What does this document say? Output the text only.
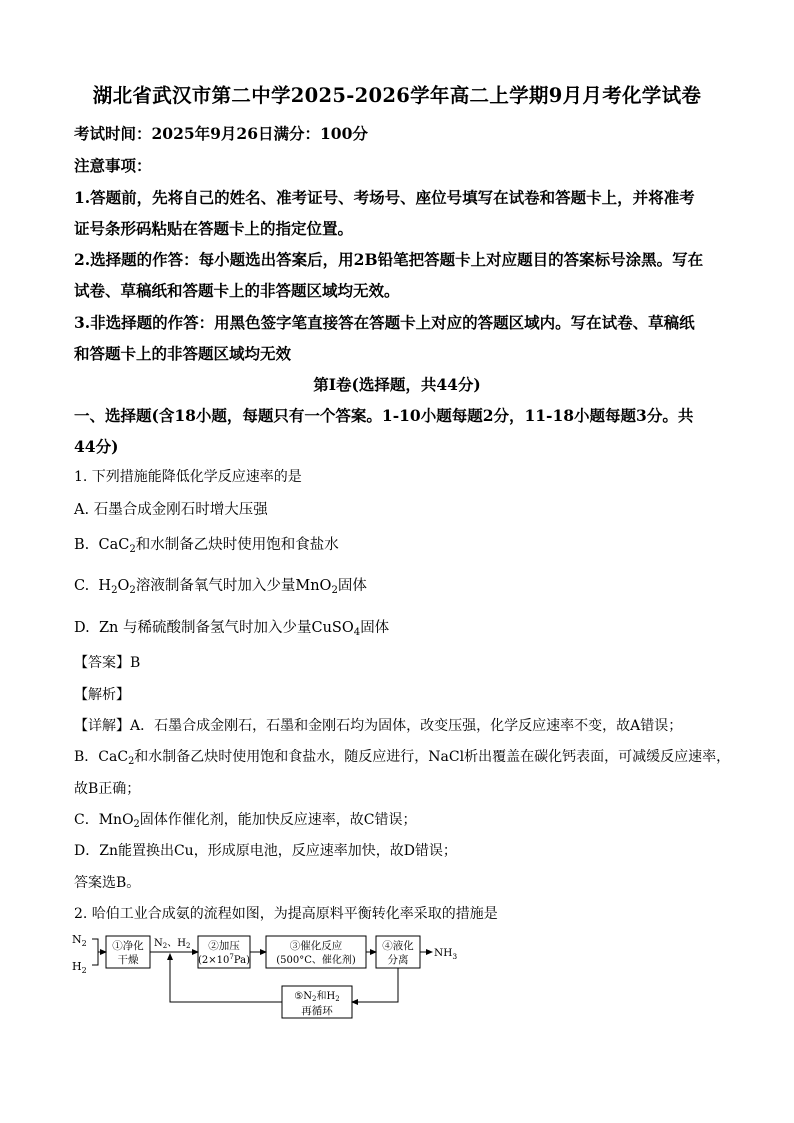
湖北省武汉市第二中学2025-2026学年高二上学期9月月考化学试卷
考试时间：2025年9月26日满分：100分
注意事项：
1.答题前，先将自己的姓名、准考证号、考场号、座位号填写在试卷和答题卡上，并将准考
证号条形码粘贴在答题卡上的指定位置。
2.选择题的作答：每小题选出答案后，用2B铅笔把答题卡上对应题目的答案标号涂黑。写在
试卷、草稿纸和答题卡上的非答题区域均无效。
3.非选择题的作答：用黑色签字笔直接答在答题卡上对应的答题区域内。写在试卷、草稿纸
和答题卡上的非答题区域均无效
第I卷(选择题，共44分)
一、选择题(含18小题，每题只有一个答案。1-10小题每题2分，11-18小题每题3分。共
44分)
1. 下列措施能降低化学反应速率的是
A. 石墨合成金刚石时增大压强
B.  CaC$_2$和水制备乙炔时使用饱和食盐水
C.  $H_2O_2$溶液制备氧气时加入少量MnO$_2$固体
D.  Zn 与稀硫酸制备氢气时加入少量CuSO$_4$固体
【答案】B
【解析】
【详解】A．石墨合成金刚石，石墨和金刚石均为固体，改变压强，化学反应速率不变，故A错误；
B．CaC$_2$和水制备乙炔时使用饱和食盐水，随反应进行，NaCl析出覆盖在碳化钙表面，可减缓反应速率，
故B正确；
C．MnO$_2$固体作催化剂，能加快反应速率，故C错误；
D．Zn能置换出Cu，形成原电池，反应速率加快，故D错误；
答案选B。
2. 哈伯工业合成氨的流程如图，为提高原料平衡转化率采取的措施是
$N_2$
$H_2$
①净化
干燥
$N_2$、$H_2$ ②加压
$(2\times 10^7Pa)$
③催化反应
(500°C、催化剂)
④液化
分离
$NH_3$
$⑤N_2$和$H_2$
再循环
